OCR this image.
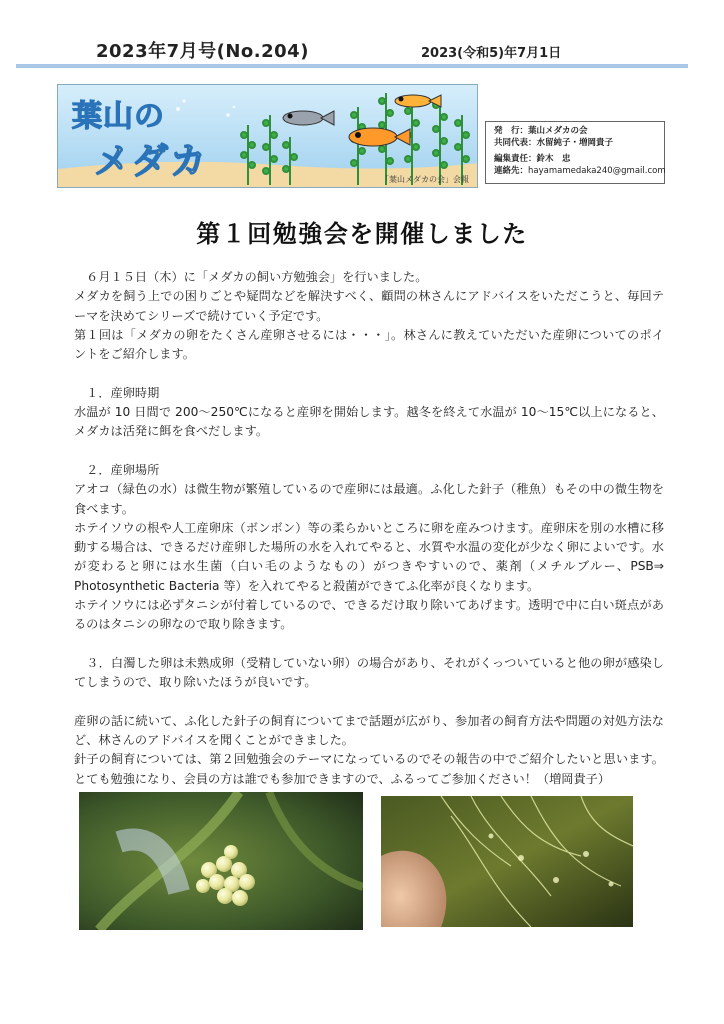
2023年7月号(No.204)	2023(令和5)年7月1日
葉山の
メダカ	「葉山メダカの会」会報
発　行：葉山メダカの会
共同代表：水留純子・増岡貴子
編集責任：鈴木　忠
連絡先：hayamamedaka240@gmail.com
第１回勉強会を開催しました

　６月１５日（木）に「メダカの飼い方勉強会」を行いました。

メダカを飼う上での困りごとや疑問などを解決すべく、顧問の林さんにアドバイスをいただこうと、毎回テーマを決めてシリーズで続けていく予定です。

第１回は「メダカの卵をたくさん産卵させるには・・・」。林さんに教えていただいた産卵についてのポイントをご紹介します。

　１．産卵時期

水温が 10 日間で 200～250℃になると産卵を開始します。越冬を終えて水温が 10～15℃以上になると、メダカは活発に餌を食べだします。

　２．産卵場所

アオコ（緑色の水）は微生物が繁殖しているので産卵には最適。ふ化した針子（稚魚）もその中の微生物を食べます。

ホテイソウの根や人工産卵床（ボンボン）等の柔らかいところに卵を産みつけます。産卵床を別の水槽に移動する場合は、できるだけ産卵した場所の水を入れてやると、水質や水温の変化が少なく卵によいです。水が変わると卵には水生菌（白い毛のようなもの）がつきやすいので、薬剤（メチルブルー、PSB⇒ Photosynthetic Bacteria 等）を入れてやると殺菌ができてふ化率が良くなります。

ホテイソウには必ずタニシが付着しているので、できるだけ取り除いてあげます。透明で中に白い斑点があるのはタニシの卵なので取り除きます。

　３．白濁した卵は未熟成卵（受精していない卵）の場合があり、それがくっついていると他の卵が感染してしまうので、取り除いたほうが良いです。

産卵の話に続いて、ふ化した針子の飼育についてまで話題が広がり、参加者の飼育方法や問題の対処方法など、林さんのアドバイスを聞くことができました。

針子の飼育については、第２回勉強会のテーマになっているのでその報告の中でご紹介したいと思います。とても勉強になり、会員の方は誰でも参加できますので、ふるってご参加ください！（増岡貴子）
